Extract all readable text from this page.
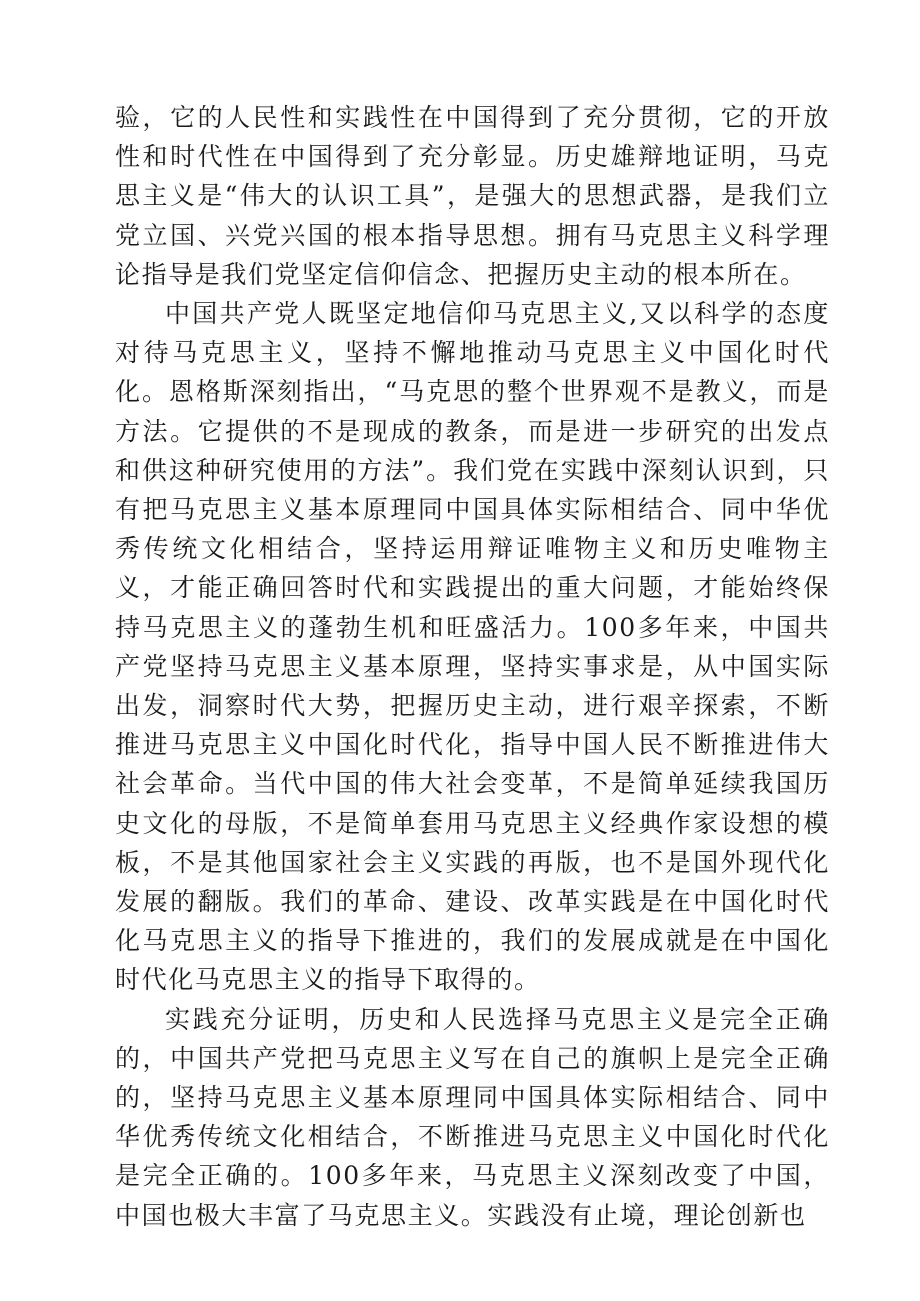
验，它的人民性和实践性在中国得到了充分贯彻，它的开放性和时代性在中国得到了充分彰显。历史雄辩地证明，马克思主义是“伟大的认识工具”，是强大的思想武器，是我们立党立国、兴党兴国的根本指导思想。拥有马克思主义科学理论指导是我们党坚定信仰信念、把握历史主动的根本所在。

中国共产党人既坚定地信仰马克思主义,又以科学的态度对待马克思主义，坚持不懈地推动马克思主义中国化时代化。恩格斯深刻指出，“马克思的整个世界观不是教义，而是方法。它提供的不是现成的教条，而是进一步研究的出发点和供这种研究使用的方法”。我们党在实践中深刻认识到，只有把马克思主义基本原理同中国具体实际相结合、同中华优秀传统文化相结合，坚持运用辩证唯物主义和历史唯物主义，才能正确回答时代和实践提出的重大问题，才能始终保持马克思主义的蓬勃生机和旺盛活力。100多年来，中国共产党坚持马克思主义基本原理，坚持实事求是，从中国实际出发，洞察时代大势，把握历史主动，进行艰辛探索，不断推进马克思主义中国化时代化，指导中国人民不断推进伟大社会革命。当代中国的伟大社会变革，不是简单延续我国历史文化的母版，不是简单套用马克思主义经典作家设想的模板，不是其他国家社会主义实践的再版，也不是国外现代化发展的翻版。我们的革命、建设、改革实践是在中国化时代化马克思主义的指导下推进的，我们的发展成就是在中国化时代化马克思主义的指导下取得的。

实践充分证明，历史和人民选择马克思主义是完全正确的，中国共产党把马克思主义写在自己的旗帜上是完全正确的，坚持马克思主义基本原理同中国具体实际相结合、同中华优秀传统文化相结合，不断推进马克思主义中国化时代化是完全正确的。100多年来，马克思主义深刻改变了中国，中国也极大丰富了马克思主义。实践没有止境，理论创新也
